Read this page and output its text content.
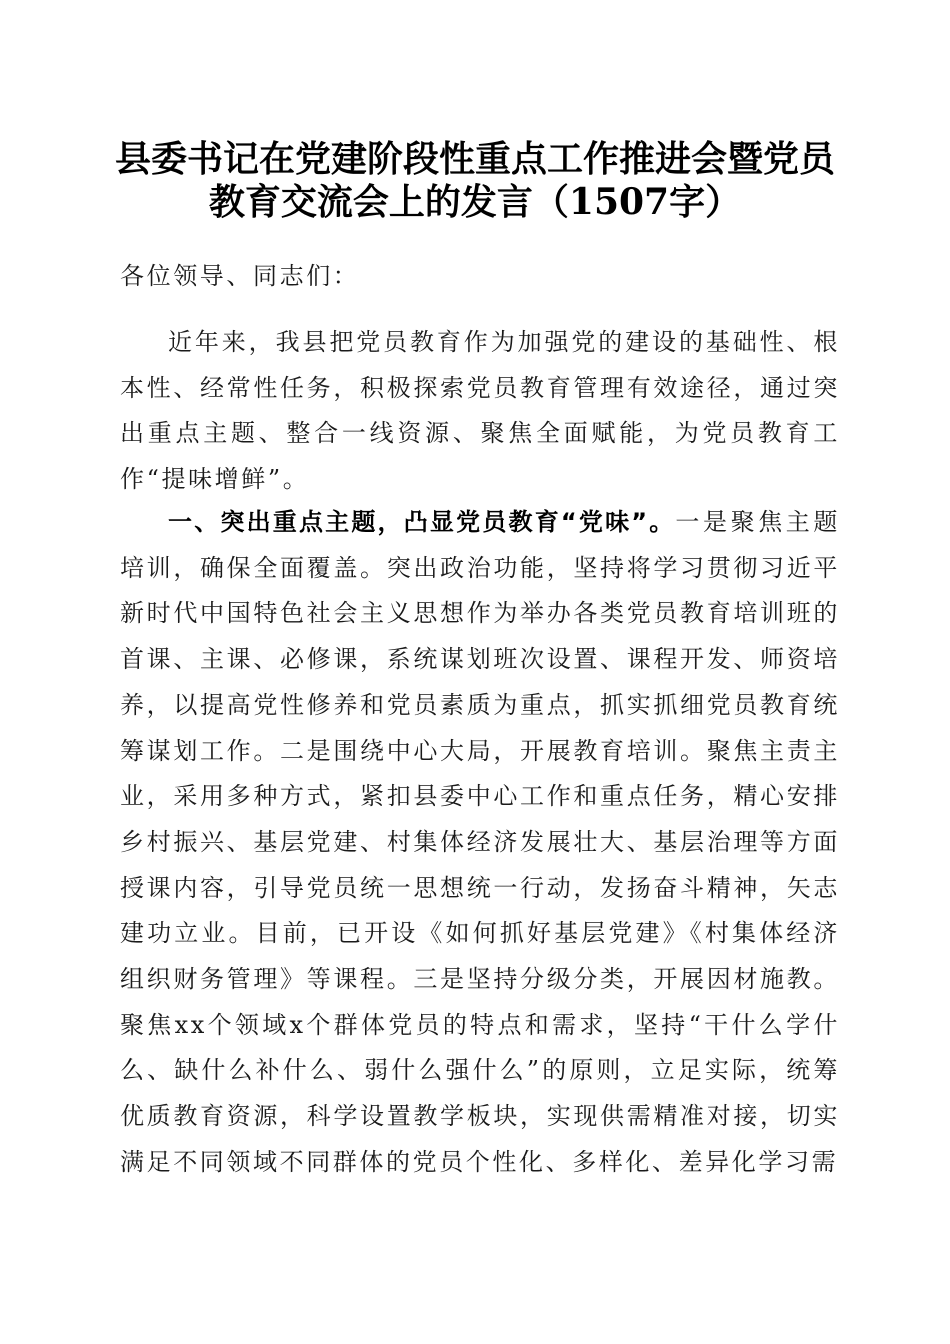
县委书记在党建阶段性重点工作推进会暨党员
教育交流会上的发言（1507字）
各位领导、同志们：

近年来，我县把党员教育作为加强党的建设的基础性、根本性、经常性任务，积极探索党员教育管理有效途径，通过突出重点主题、整合一线资源、聚焦全面赋能，为党员教育工作“提味增鲜”。

一、突出重点主题，凸显党员教育“党味”。一是聚焦主题培训，确保全面覆盖。突出政治功能，坚持将学习贯彻习近平新时代中国特色社会主义思想作为举办各类党员教育培训班的首课、主课、必修课，系统谋划班次设置、课程开发、师资培养，以提高党性修养和党员素质为重点，抓实抓细党员教育统筹谋划工作。二是围绕中心大局，开展教育培训。聚焦主责主业，采用多种方式，紧扣县委中心工作和重点任务，精心安排乡村振兴、基层党建、村集体经济发展壮大、基层治理等方面授课内容，引导党员统一思想统一行动，发扬奋斗精神，矢志建功立业。目前，已开设《如何抓好基层党建》《村集体经济组织财务管理》等课程。三是坚持分级分类，开展因材施教。聚焦xx个领域x个群体党员的特点和需求，坚持“干什么学什么、缺什么补什么、弱什么强什么”的原则，立足实际，统筹优质教育资源，科学设置教学板块，实现供需精准对接，切实满足不同领域不同群体的党员个性化、多样化、差异化学习需
